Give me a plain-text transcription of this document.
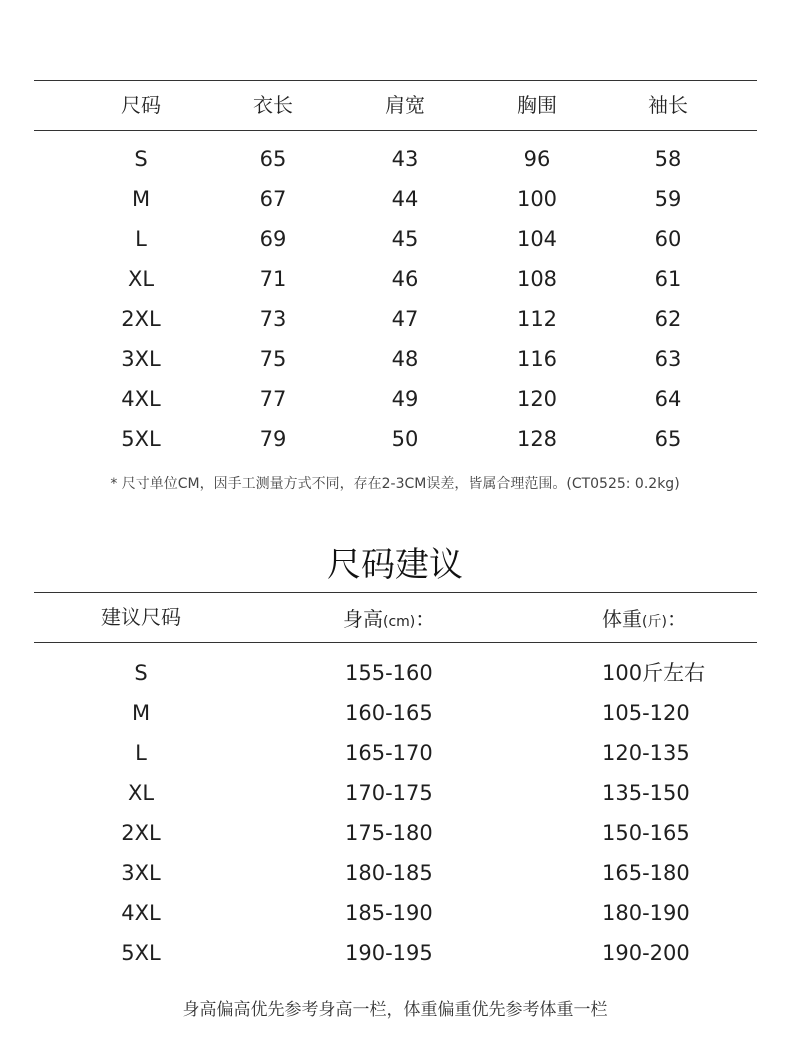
尺码	衣长	肩宽	胸围	袖长
S	65	43	96	58
M	67	44	100	59
L	69	45	104	60
XL	71	46	108	61
2XL	73	47	112	62
3XL	75	48	116	63
4XL	77	49	120	64
5XL	79	50	128	65
* 尺寸单位CM，因手工测量方式不同，存在2-3CM误差，皆属合理范围。(CT0525: 0.2kg)
尺码建议
建议尺码	身高(cm)：	体重(斤)：
S	155-160	100斤左右
M	160-165	105-120
L	165-170	120-135
XL	170-175	135-150
2XL	175-180	150-165
3XL	180-185	165-180
4XL	185-190	180-190
5XL	190-195	190-200
身高偏高优先参考身高一栏，体重偏重优先参考体重一栏
